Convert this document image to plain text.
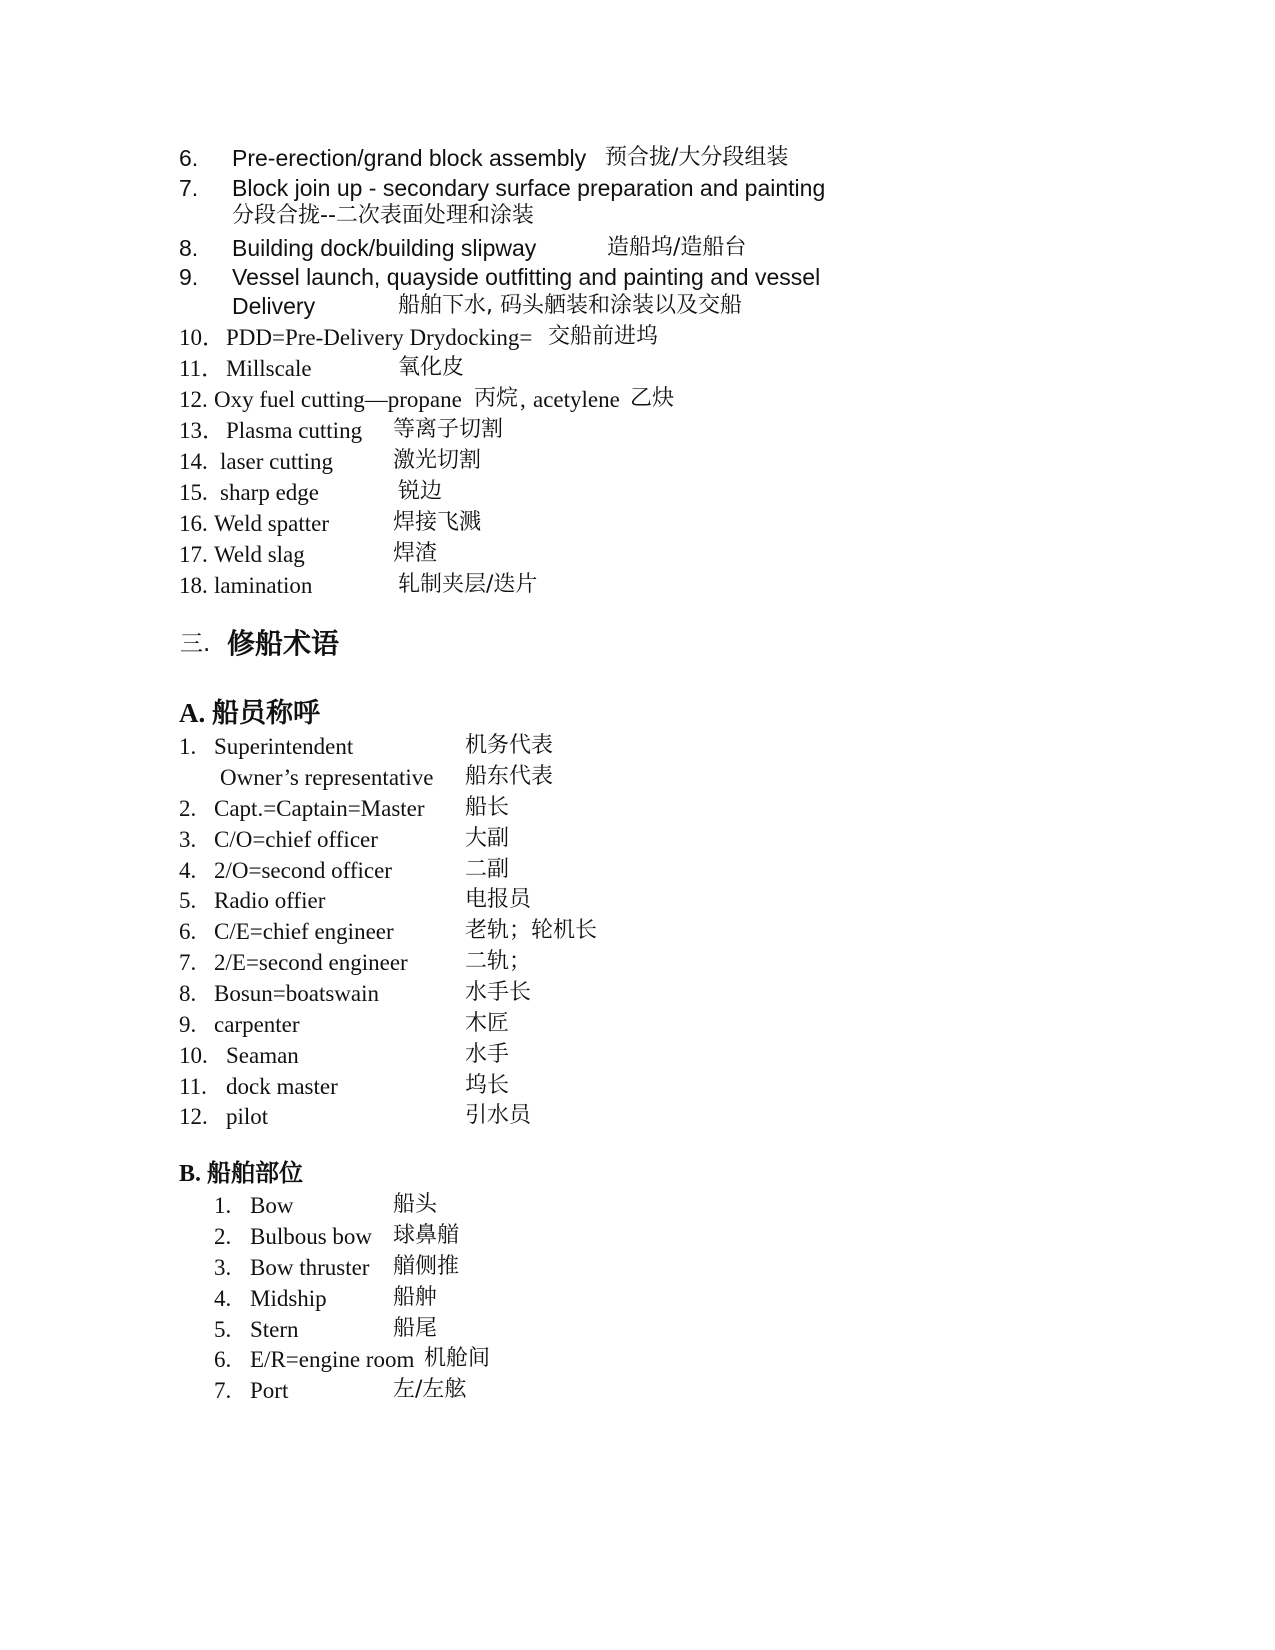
6. Pre-erection/grand block assembly 预合拢/大分段组装
7. Block join up - secondary surface preparation and painting
分段合拢--二次表面处理和涂装
8. Building dock/building slipway	造船坞/造船台
9. Vessel launch, quayside outfitting and painting and vessel
Delivery	船舶下水, 码头舾装和涂装以及交船
10． PDD=Pre-Delivery Drydocking= 交船前进坞
11． Millscale	氧化皮
12. Oxy fuel cutting—propane 丙烷 , acetylene 乙炔
13． Plasma cutting 等离子切割
14. laser cutting	激光切割
15. sharp edge	锐边
16. Weld spatter	焊接飞溅
17. Weld slag	焊渣
18. lamination	轧制夹层/迭片
三. 修船术语
A. 船员称呼
1. Superintendent	机务代表
Owner’s representative 船东代表
2. Capt.=Captain=Master 船长
3. C/O=chief officer	大副
4. 2/O=second officer	二副
5. Radio offier	电报员
6. C/E=chief engineer	老轨；轮机长
7. 2/E=second engineer	二轨；
8. Bosun=boatswain	水手长
9. carpenter	木匠
10. Seaman	水手
11. dock master	坞长
12. pilot	引水员
B. 船舶部位
1. Bow	船头
2. Bulbous bow 球鼻艏
3. Bow thruster 艏侧推
4. Midship	船舯
5. Stern	船尾
6. E/R=engine room 机舱间
7. Port	左/左舷
